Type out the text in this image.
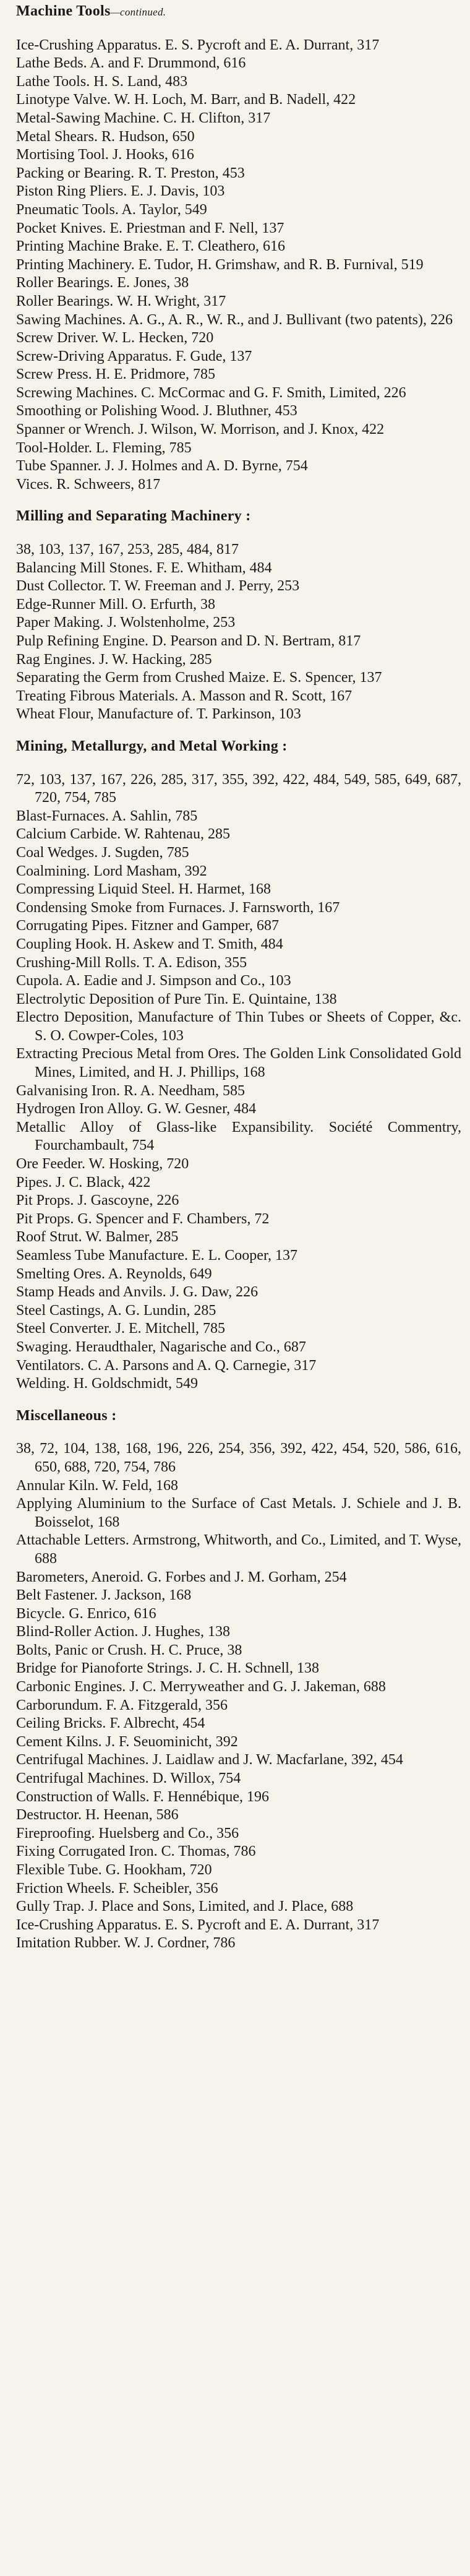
Machine Tools—continued.

Ice-Crushing Apparatus. E. S. Pycroft and E. A. Durrant, 317

Lathe Beds. A. and F. Drummond, 616

Lathe Tools. H. S. Land, 483

Linotype Valve. W. H. Loch, M. Barr, and B. Nadell, 422

Metal-Sawing Machine. C. H. Clifton, 317

Metal Shears. R. Hudson, 650

Mortising Tool. J. Hooks, 616

Packing or Bearing. R. T. Preston, 453

Piston Ring Pliers. E. J. Davis, 103

Pneumatic Tools. A. Taylor, 549

Pocket Knives. E. Priestman and F. Nell, 137

Printing Machine Brake. E. T. Cleathero, 616

Printing Machinery. E. Tudor, H. Grimshaw, and R. B. Furnival, 519

Roller Bearings. E. Jones, 38

Roller Bearings. W. H. Wright, 317

Sawing Machines. A. G., A. R., W. R., and J. Bullivant (two patents), 226

Screw Driver. W. L. Hecken, 720

Screw-Driving Apparatus. F. Gude, 137

Screw Press. H. E. Pridmore, 785

Screwing Machines. C. McCormac and G. F. Smith, Limited, 226

Smoothing or Polishing Wood. J. Bluthner, 453

Spanner or Wrench. J. Wilson, W. Morrison, and J. Knox, 422

Tool-Holder. L. Fleming, 785

Tube Spanner. J. J. Holmes and A. D. Byrne, 754

Vices. R. Schweers, 817

Milling and Separating Machinery :

38, 103, 137, 167, 253, 285, 484, 817

Balancing Mill Stones. F. E. Whitham, 484

Dust Collector. T. W. Freeman and J. Perry, 253

Edge-Runner Mill. O. Erfurth, 38

Paper Making. J. Wolstenholme, 253

Pulp Refining Engine. D. Pearson and D. N. Bertram, 817

Rag Engines. J. W. Hacking, 285

Separating the Germ from Crushed Maize. E. S. Spencer, 137

Treating Fibrous Materials. A. Masson and R. Scott, 167

Wheat Flour, Manufacture of. T. Parkinson, 103

Mining, Metallurgy, and Metal Working :

72, 103, 137, 167, 226, 285, 317, 355, 392, 422, 484, 549, 585, 649, 687, 720, 754, 785

Blast-Furnaces. A. Sahlin, 785

Calcium Carbide. W. Rahtenau, 285

Coal Wedges. J. Sugden, 785

Coalmining. Lord Masham, 392

Compressing Liquid Steel. H. Harmet, 168

Condensing Smoke from Furnaces. J. Farnsworth, 167

Corrugating Pipes. Fitzner and Gamper, 687

Coupling Hook. H. Askew and T. Smith, 484

Crushing-Mill Rolls. T. A. Edison, 355

Cupola. A. Eadie and J. Simpson and Co., 103

Electrolytic Deposition of Pure Tin. E. Quintaine, 138

Electro Deposition, Manufacture of Thin Tubes or Sheets of Copper, &c. S. O. Cowper-Coles, 103

Extracting Precious Metal from Ores. The Golden Link Consolidated Gold Mines, Limited, and H. J. Phillips, 168

Galvanising Iron. R. A. Needham, 585

Hydrogen Iron Alloy. G. W. Gesner, 484

Metallic Alloy of Glass-like Expansibility. Société Commentry, Fourchambault, 754

Ore Feeder. W. Hosking, 720

Pipes. J. C. Black, 422

Pit Props. J. Gascoyne, 226

Pit Props. G. Spencer and F. Chambers, 72

Roof Strut. W. Balmer, 285

Seamless Tube Manufacture. E. L. Cooper, 137

Smelting Ores. A. Reynolds, 649

Stamp Heads and Anvils. J. G. Daw, 226

Steel Castings, A. G. Lundin, 285

Steel Converter. J. E. Mitchell, 785

Swaging. Heraudthaler, Nagarische and Co., 687

Ventilators. C. A. Parsons and A. Q. Carnegie, 317

Welding. H. Goldschmidt, 549

Miscellaneous :

38, 72, 104, 138, 168, 196, 226, 254, 356, 392, 422, 454, 520, 586, 616, 650, 688, 720, 754, 786

Annular Kiln. W. Feld, 168

Applying Aluminium to the Surface of Cast Metals. J. Schiele and J. B. Boisselot, 168

Attachable Letters. Armstrong, Whitworth, and Co., Limited, and T. Wyse, 688

Barometers, Aneroid. G. Forbes and J. M. Gorham, 254

Belt Fastener. J. Jackson, 168

Bicycle. G. Enrico, 616

Blind-Roller Action. J. Hughes, 138

Bolts, Panic or Crush. H. C. Pruce, 38

Bridge for Pianoforte Strings. J. C. H. Schnell, 138

Carbonic Engines. J. C. Merryweather and G. J. Jakeman, 688

Carborundum. F. A. Fitzgerald, 356

Ceiling Bricks. F. Albrecht, 454

Cement Kilns. J. F. Seuominicht, 392

Centrifugal Machines. J. Laidlaw and J. W. Macfarlane, 392, 454

Centrifugal Machines. D. Willox, 754

Construction of Walls. F. Hennébique, 196

Destructor. H. Heenan, 586

Fireproofing. Huelsberg and Co., 356

Fixing Corrugated Iron. C. Thomas, 786

Flexible Tube. G. Hookham, 720

Friction Wheels. F. Scheibler, 356

Gully Trap. J. Place and Sons, Limited, and J. Place, 688

Ice-Crushing Apparatus. E. S. Pycroft and E. A. Durrant, 317

Imitation Rubber. W. J. Cordner, 786
